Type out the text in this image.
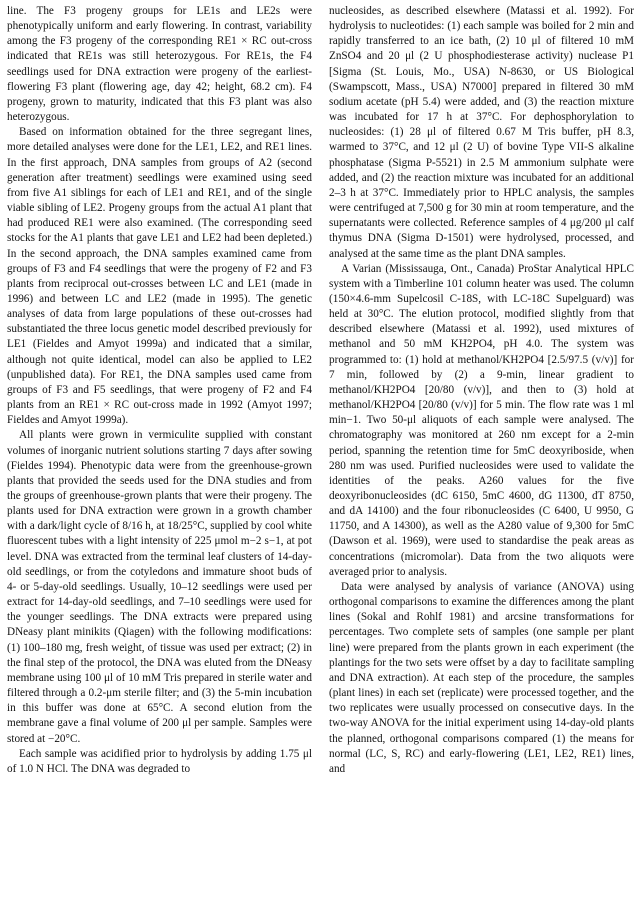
line. The F3 progeny groups for LE1s and LE2s were phenotypically uniform and early flowering. In contrast, variability among the F3 progeny of the corresponding RE1 × RC out-cross indicated that RE1s was still heterozygous. For RE1s, the F4 seedlings used for DNA extraction were progeny of the earliest-flowering F3 plant (flowering age, day 42; height, 68.2 cm). F4 progeny, grown to maturity, indicated that this F3 plant was also heterozygous.

Based on information obtained for the three segregant lines, more detailed analyses were done for the LE1, LE2, and RE1 lines. In the first approach, DNA samples from groups of A2 (second generation after treatment) seedlings were examined using seed from five A1 siblings for each of LE1 and RE1, and of the single viable sibling of LE2. Progeny groups from the actual A1 plant that had produced RE1 were also examined. (The corresponding seed stocks for the A1 plants that gave LE1 and LE2 had been depleted.) In the second approach, the DNA samples examined came from groups of F3 and F4 seedlings that were the progeny of F2 and F3 plants from reciprocal out-crosses between LC and LE1 (made in 1996) and between LC and LE2 (made in 1995). The genetic analyses of data from large populations of these out-crosses had substantiated the three locus genetic model described previously for LE1 (Fieldes and Amyot 1999a) and indicated that a similar, although not quite identical, model can also be applied to LE2 (unpublished data). For RE1, the DNA samples used came from groups of F3 and F5 seedlings, that were progeny of F2 and F4 plants from an RE1 × RC out-cross made in 1992 (Amyot 1997; Fieldes and Amyot 1999a).

All plants were grown in vermiculite supplied with constant volumes of inorganic nutrient solutions starting 7 days after sowing (Fieldes 1994). Phenotypic data were from the greenhouse-grown plants that provided the seeds used for the DNA studies and from the groups of greenhouse-grown plants that were their progeny. The plants used for DNA extraction were grown in a growth chamber with a dark/light cycle of 8/16 h, at 18/25°C, supplied by cool white fluorescent tubes with a light intensity of 225 μmol m−2 s−1, at pot level. DNA was extracted from the terminal leaf clusters of 14-day-old seedlings, or from the cotyledons and immature shoot buds of 4- or 5-day-old seedlings. Usually, 10–12 seedlings were used per extract for 14-day-old seedlings, and 7–10 seedlings were used for the younger seedlings. The DNA extracts were prepared using DNeasy plant minikits (Qiagen) with the following modifications: (1) 100–180 mg, fresh weight, of tissue was used per extract; (2) in the final step of the protocol, the DNA was eluted from the DNeasy membrane using 100 μl of 10 mM Tris prepared in sterile water and filtered through a 0.2-μm sterile filter; and (3) the 5-min incubation in this buffer was done at 65°C. A second elution from the membrane gave a final volume of 200 μl per sample. Samples were stored at −20°C.

Each sample was acidified prior to hydrolysis by adding 1.75 μl of 1.0 N HCl. The DNA was degraded to

nucleosides, as described elsewhere (Matassi et al. 1992). For hydrolysis to nucleotides: (1) each sample was boiled for 2 min and rapidly transferred to an ice bath, (2) 10 μl of filtered 10 mM ZnSO4 and 20 μl (2 U phosphodiesterase activity) nuclease P1 [Sigma (St. Louis, Mo., USA) N-8630, or US Biological (Swampscott, Mass., USA) N7000] prepared in filtered 30 mM sodium acetate (pH 5.4) were added, and (3) the reaction mixture was incubated for 17 h at 37°C. For dephosphorylation to nucleosides: (1) 28 μl of filtered 0.67 M Tris buffer, pH 8.3, warmed to 37°C, and 12 μl (2 U) of bovine Type VII-S alkaline phosphatase (Sigma P-5521) in 2.5 M ammonium sulphate were added, and (2) the reaction mixture was incubated for an additional 2–3 h at 37°C. Immediately prior to HPLC analysis, the samples were centrifuged at 7,500 g for 30 min at room temperature, and the supernatants were collected. Reference samples of 4 μg/200 μl calf thymus DNA (Sigma D-1501) were hydrolysed, processed, and analysed at the same time as the plant DNA samples.

A Varian (Mississauga, Ont., Canada) ProStar Analytical HPLC system with a Timberline 101 column heater was used. The column (150×4.6-mm Supelcosil C-18S, with LC-18C Supelguard) was held at 30°C. The elution protocol, modified slightly from that described elsewhere (Matassi et al. 1992), used mixtures of methanol and 50 mM KH2PO4, pH 4.0. The system was programmed to: (1) hold at methanol/KH2PO4 [2.5/97.5 (v/v)] for 7 min, followed by (2) a 9-min, linear gradient to methanol/KH2PO4 [20/80 (v/v)], and then to (3) hold at methanol/KH2PO4 [20/80 (v/v)] for 5 min. The flow rate was 1 ml min−1. Two 50-μl aliquots of each sample were analysed. The chromatography was monitored at 260 nm except for a 2-min period, spanning the retention time for 5mC deoxyriboside, when 280 nm was used. Purified nucleosides were used to validate the identities of the peaks. A260 values for the five deoxyribonucleosides (dC 6150, 5mC 4600, dG 11300, dT 8750, and dA 14100) and the four ribonucleosides (C 6400, U 9950, G 11750, and A 14300), as well as the A280 value of 9,300 for 5mC (Dawson et al. 1969), were used to standardise the peak areas as concentrations (micromolar). Data from the two aliquots were averaged prior to analysis.

Data were analysed by analysis of variance (ANOVA) using orthogonal comparisons to examine the differences among the plant lines (Sokal and Rohlf 1981) and arcsine transformations for percentages. Two complete sets of samples (one sample per plant line) were prepared from the plants grown in each experiment (the plantings for the two sets were offset by a day to facilitate sampling and DNA extraction). At each step of the procedure, the samples (plant lines) in each set (replicate) were processed together, and the two replicates were usually processed on consecutive days. In the two-way ANOVA for the initial experiment using 14-day-old plants the planned, orthogonal comparisons compared (1) the means for normal (LC, S, RC) and early-flowering (LE1, LE2, RE1) lines, and
